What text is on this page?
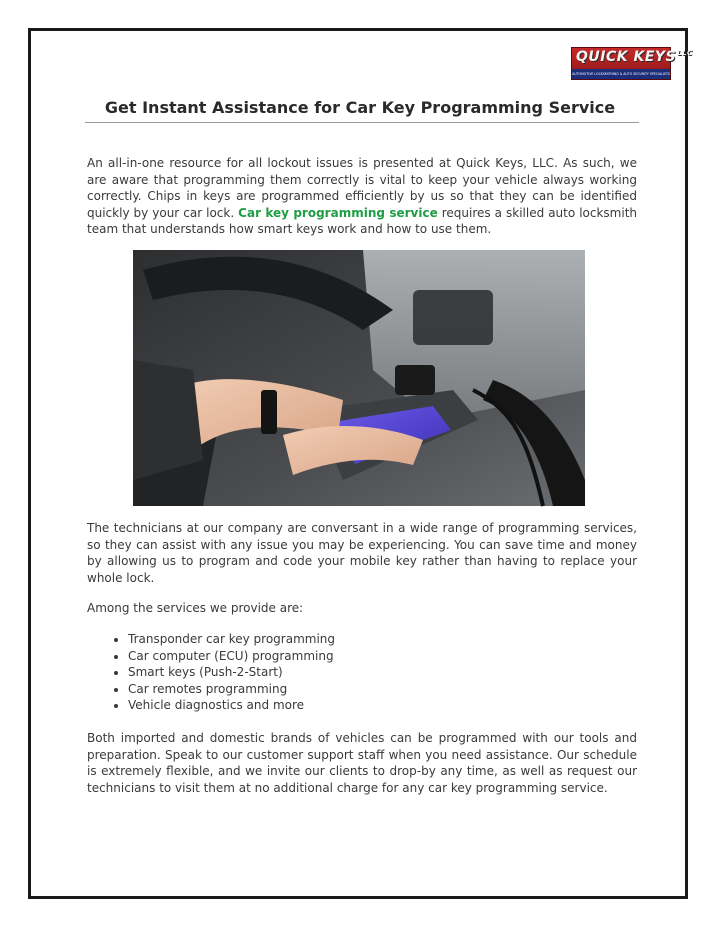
QUICK $KEYS^{LLC}$
AUTOMOTIVE LOCKSMITHING & AUTO SECURITY SPECIALISTS
Get Instant Assistance for Car Key Programming Service

An all-in-one resource for all lockout issues is presented at Quick Keys, LLC. As such, we are aware that programming them correctly is vital to keep your vehicle always working correctly. Chips in keys are programmed efficiently by us so that they can be identified quickly by your car lock. Car key programming service requires a skilled auto locksmith team that understands how smart keys work and how to use them.

The technicians at our company are conversant in a wide range of programming services, so they can assist with any issue you may be experiencing. You can save time and money by allowing us to program and code your mobile key rather than having to replace your whole lock.

Among the services we provide are:

• Transponder car key programming
• Car computer (ECU) programming
• Smart keys (Push-2-Start)
• Car remotes programming
• Vehicle diagnostics and more

Both imported and domestic brands of vehicles can be programmed with our tools and preparation. Speak to our customer support staff when you need assistance. Our schedule is extremely flexible, and we invite our clients to drop-by any time, as well as request our technicians to visit them at no additional charge for any car key programming service.
